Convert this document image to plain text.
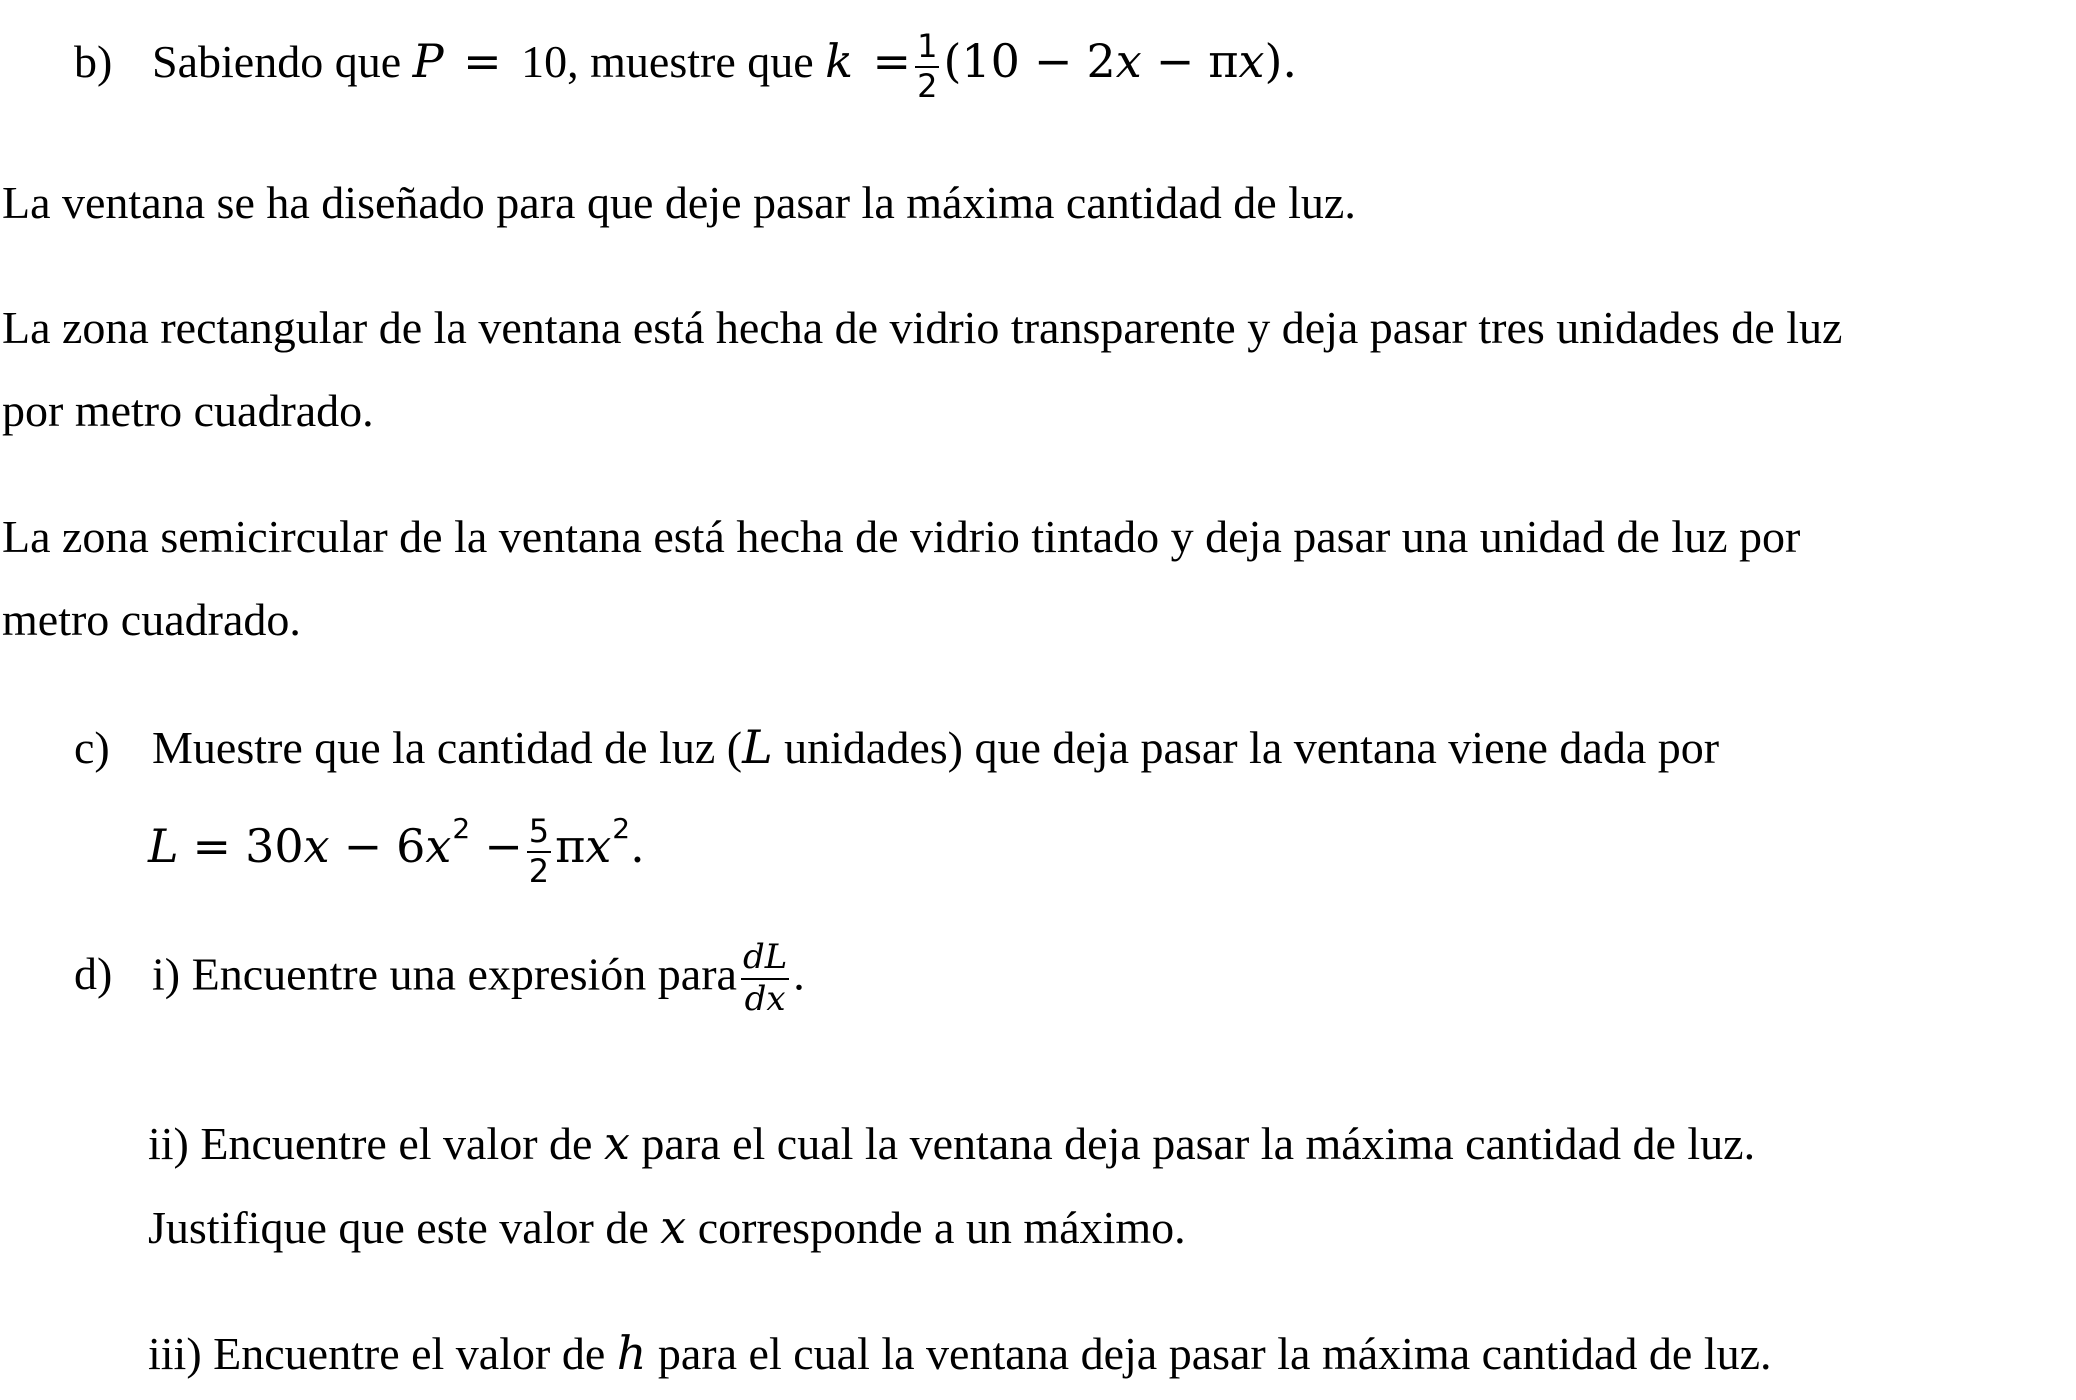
b) Sabiendo que P = 10, muestre que $k = \frac{1}{2} (10 - 2x - \pi x)$.
La ventana se ha diseñado para que deje pasar la máxima cantidad de luz.
La zona rectangular de la ventana está hecha de vidrio transparente y deja pasar tres unidades de luz
por metro cuadrado.
La zona semicircular de la ventana está hecha de vidrio tintado y deja pasar una unidad de luz por
metro cuadrado.
c) Muestre que la cantidad de luz (L unidades) que deja pasar la ventana viene dada por
$L = 30x - 6x^2 - \frac{5}{2} \pi x^2$.
d) i) Encuentre una expresión para $\frac{dL}{dx}$ .
ii) Encuentre el valor de x para el cual la ventana deja pasar la máxima cantidad de luz.
Justifique que este valor de x corresponde a un máximo.
iii) Encuentre el valor de h para el cual la ventana deja pasar la máxima cantidad de luz.
